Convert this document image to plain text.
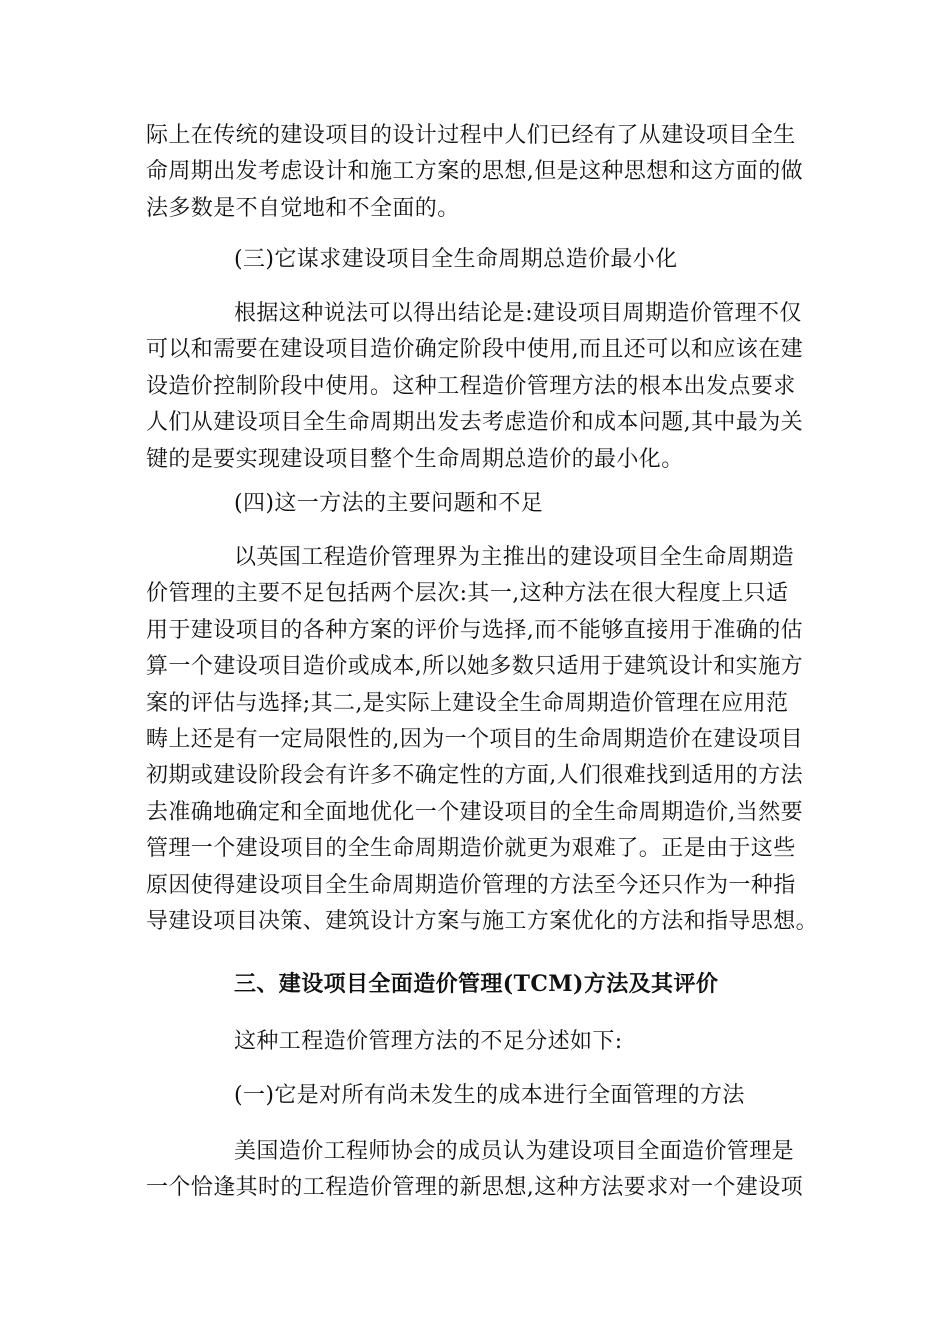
际上在传统的建设项目的设计过程中人们已经有了从建设项目全生
命周期出发考虑设计和施工方案的思想,但是这种思想和这方面的做
法多数是不自觉地和不全面的。
(三)它谋求建设项目全生命周期总造价最小化
根据这种说法可以得出结论是:建设项目周期造价管理不仅
可以和需要在建设项目造价确定阶段中使用,而且还可以和应该在建
设造价控制阶段中使用。这种工程造价管理方法的根本出发点要求
人们从建设项目全生命周期出发去考虑造价和成本问题,其中最为关
键的是要实现建设项目整个生命周期总造价的最小化。
(四)这一方法的主要问题和不足
以英国工程造价管理界为主推出的建设项目全生命周期造
价管理的主要不足包括两个层次:其一,这种方法在很大程度上只适
用于建设项目的各种方案的评价与选择,而不能够直接用于准确的估
算一个建设项目造价或成本,所以她多数只适用于建筑设计和实施方
案的评估与选择;其二,是实际上建设全生命周期造价管理在应用范
畴上还是有一定局限性的,因为一个项目的生命周期造价在建设项目
初期或建设阶段会有许多不确定性的方面,人们很难找到适用的方法
去准确地确定和全面地优化一个建设项目的全生命周期造价,当然要
管理一个建设项目的全生命周期造价就更为艰难了。正是由于这些
原因使得建设项目全生命周期造价管理的方法至今还只作为一种指
导建设项目决策、建筑设计方案与施工方案优化的方法和指导思想。
三、建设项目全面造价管理(TCM)方法及其评价
这种工程造价管理方法的不足分述如下:
(一)它是对所有尚未发生的成本进行全面管理的方法
美国造价工程师协会的成员认为建设项目全面造价管理是
一个恰逢其时的工程造价管理的新思想,这种方法要求对一个建设项
